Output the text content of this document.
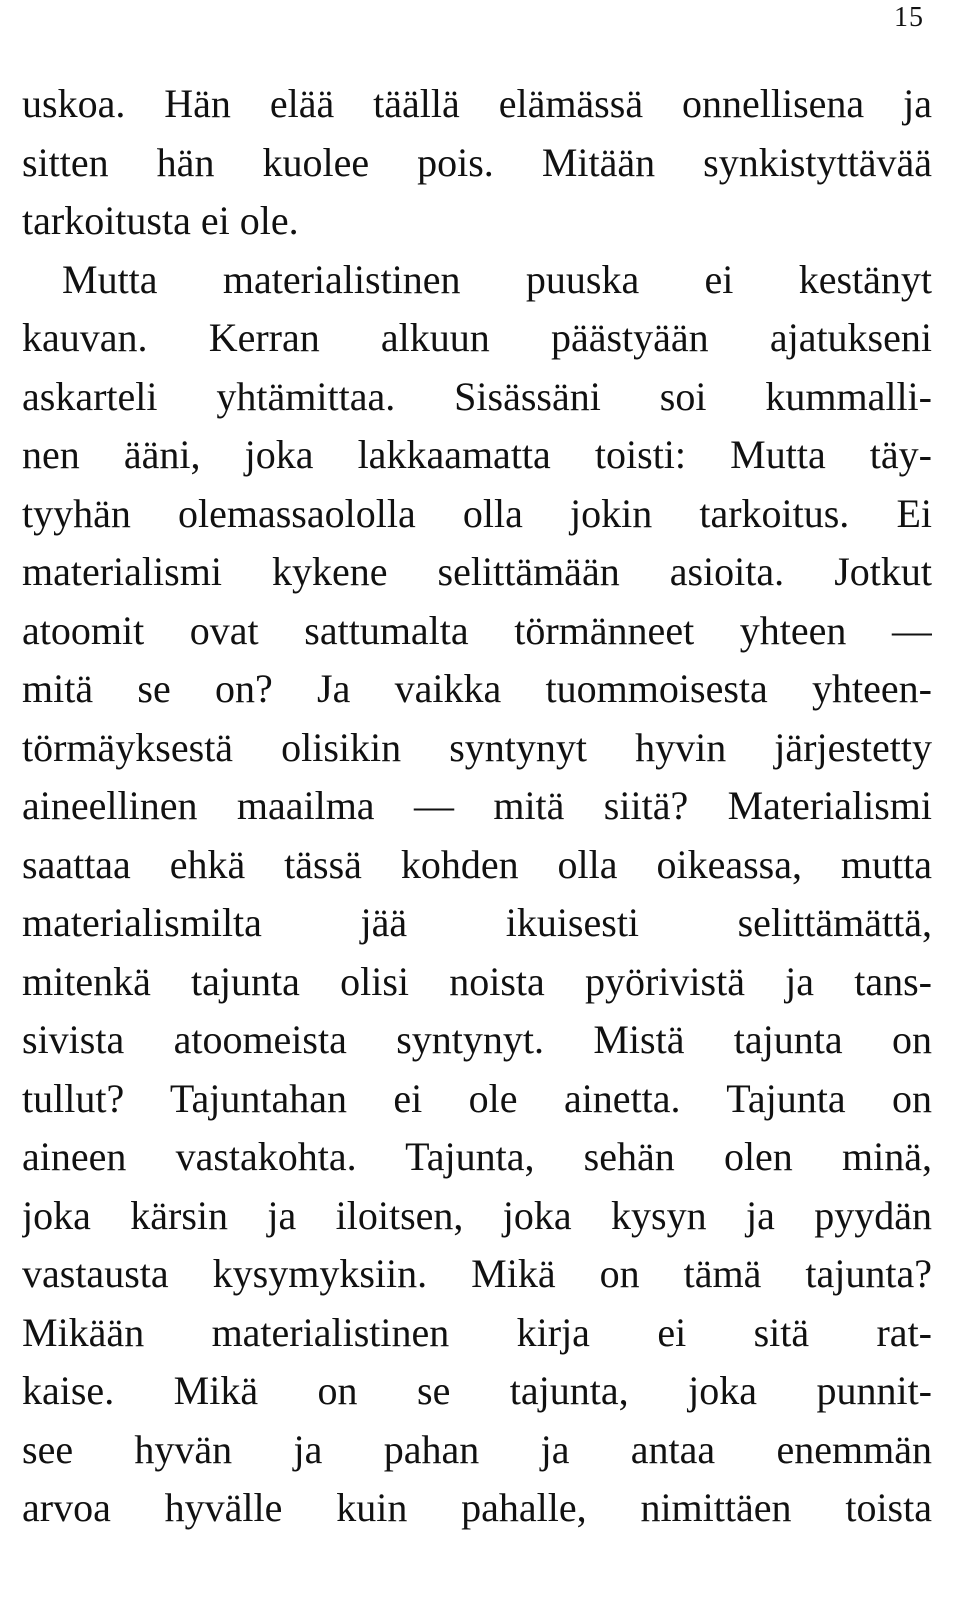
15
uskoa. Hän elää täällä elämässä onnellisena ja
sitten hän kuolee pois. Mitään synkistyttävää
tarkoitusta ei ole.
Mutta materialistinen puuska ei kestänyt
kauvan. Kerran alkuun päästyään ajatukseni
askarteli yhtämittaa. Sisässäni soi kummalli-
nen ääni, joka lakkaamatta toisti: Mutta täy-
tyyhän olemassaololla olla jokin tarkoitus. Ei
materialismi kykene selittämään asioita. Jotkut
atoomit ovat sattumalta törmänneet yhteen —
mitä se on? Ja vaikka tuommoisesta yhteen-
törmäyksestä olisikin syntynyt hyvin järjestetty
aineellinen maailma — mitä siitä? Materialismi
saattaa ehkä tässä kohden olla oikeassa, mutta
materialismilta jää ikuisesti selittämättä,
mitenkä tajunta olisi noista pyörivistä ja tans-
sivista atoomeista syntynyt. Mistä tajunta on
tullut? Tajuntahan ei ole ainetta. Tajunta on
aineen vastakohta. Tajunta, sehän olen minä,
joka kärsin ja iloitsen, joka kysyn ja pyydän
vastausta kysymyksiin. Mikä on tämä tajunta?
Mikään materialistinen kirja ei sitä rat-
kaise. Mikä on se tajunta, joka punnit-
see hyvän ja pahan ja antaa enemmän
arvoa hyvälle kuin pahalle, nimittäen toista
